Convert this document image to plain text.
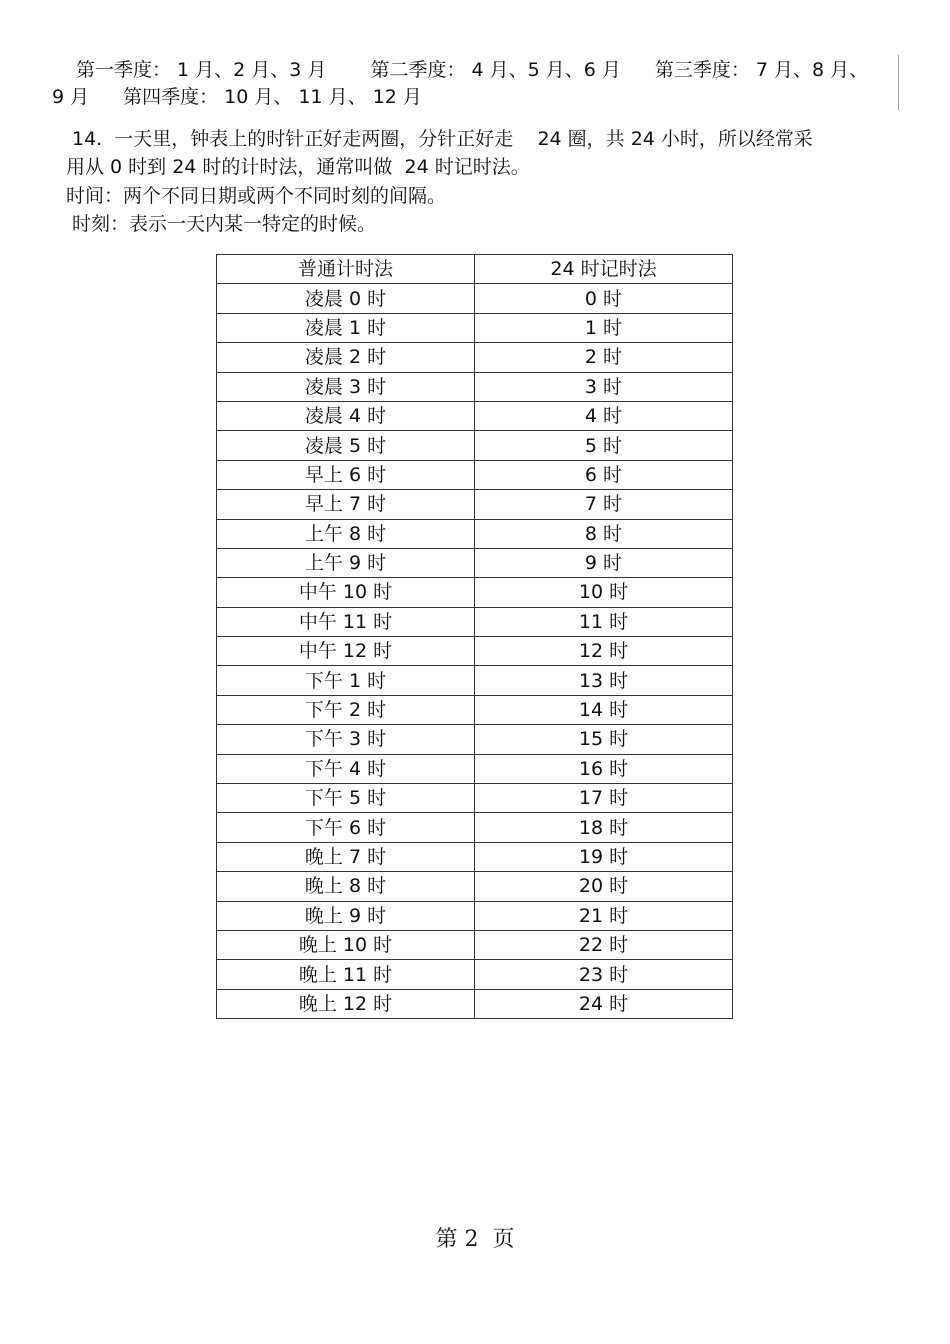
第一季度： 1 月、2 月、3 月 第二季度： 4 月、5 月、6 月 第三季度： 7 月、8 月、
9 月 第四季度： 10 月、 11 月、 12 月
14.  一天里，钟表上的时针正好走两圈，分针正好走    24 圈，共 24 小时，所以经常采
用从 0 时到 24 时的计时法，通常叫做  24 时记时法。
时间：两个不同日期或两个不同时刻的间隔。
时刻：表示一天内某一特定的时候。
普通计时法	24 时记时法
凌晨 0 时	0 时
凌晨 1 时	1 时
凌晨 2 时	2 时
凌晨 3 时	3 时
凌晨 4 时	4 时
凌晨 5 时	5 时
早上 6 时	6 时
早上 7 时	7 时
上午 8 时	8 时
上午 9 时	9 时
中午 10 时	10 时
中午 11 时	11 时
中午 12 时	12 时
下午 1 时	13 时
下午 2 时	14 时
下午 3 时	15 时
下午 4 时	16 时
下午 5 时	17 时
下午 6 时	18 时
晚上 7 时	19 时
晚上 8 时	20 时
晚上 9 时	21 时
晚上 10 时	22 时
晚上 11 时	23 时
晚上 12 时	24 时
第 2  页
